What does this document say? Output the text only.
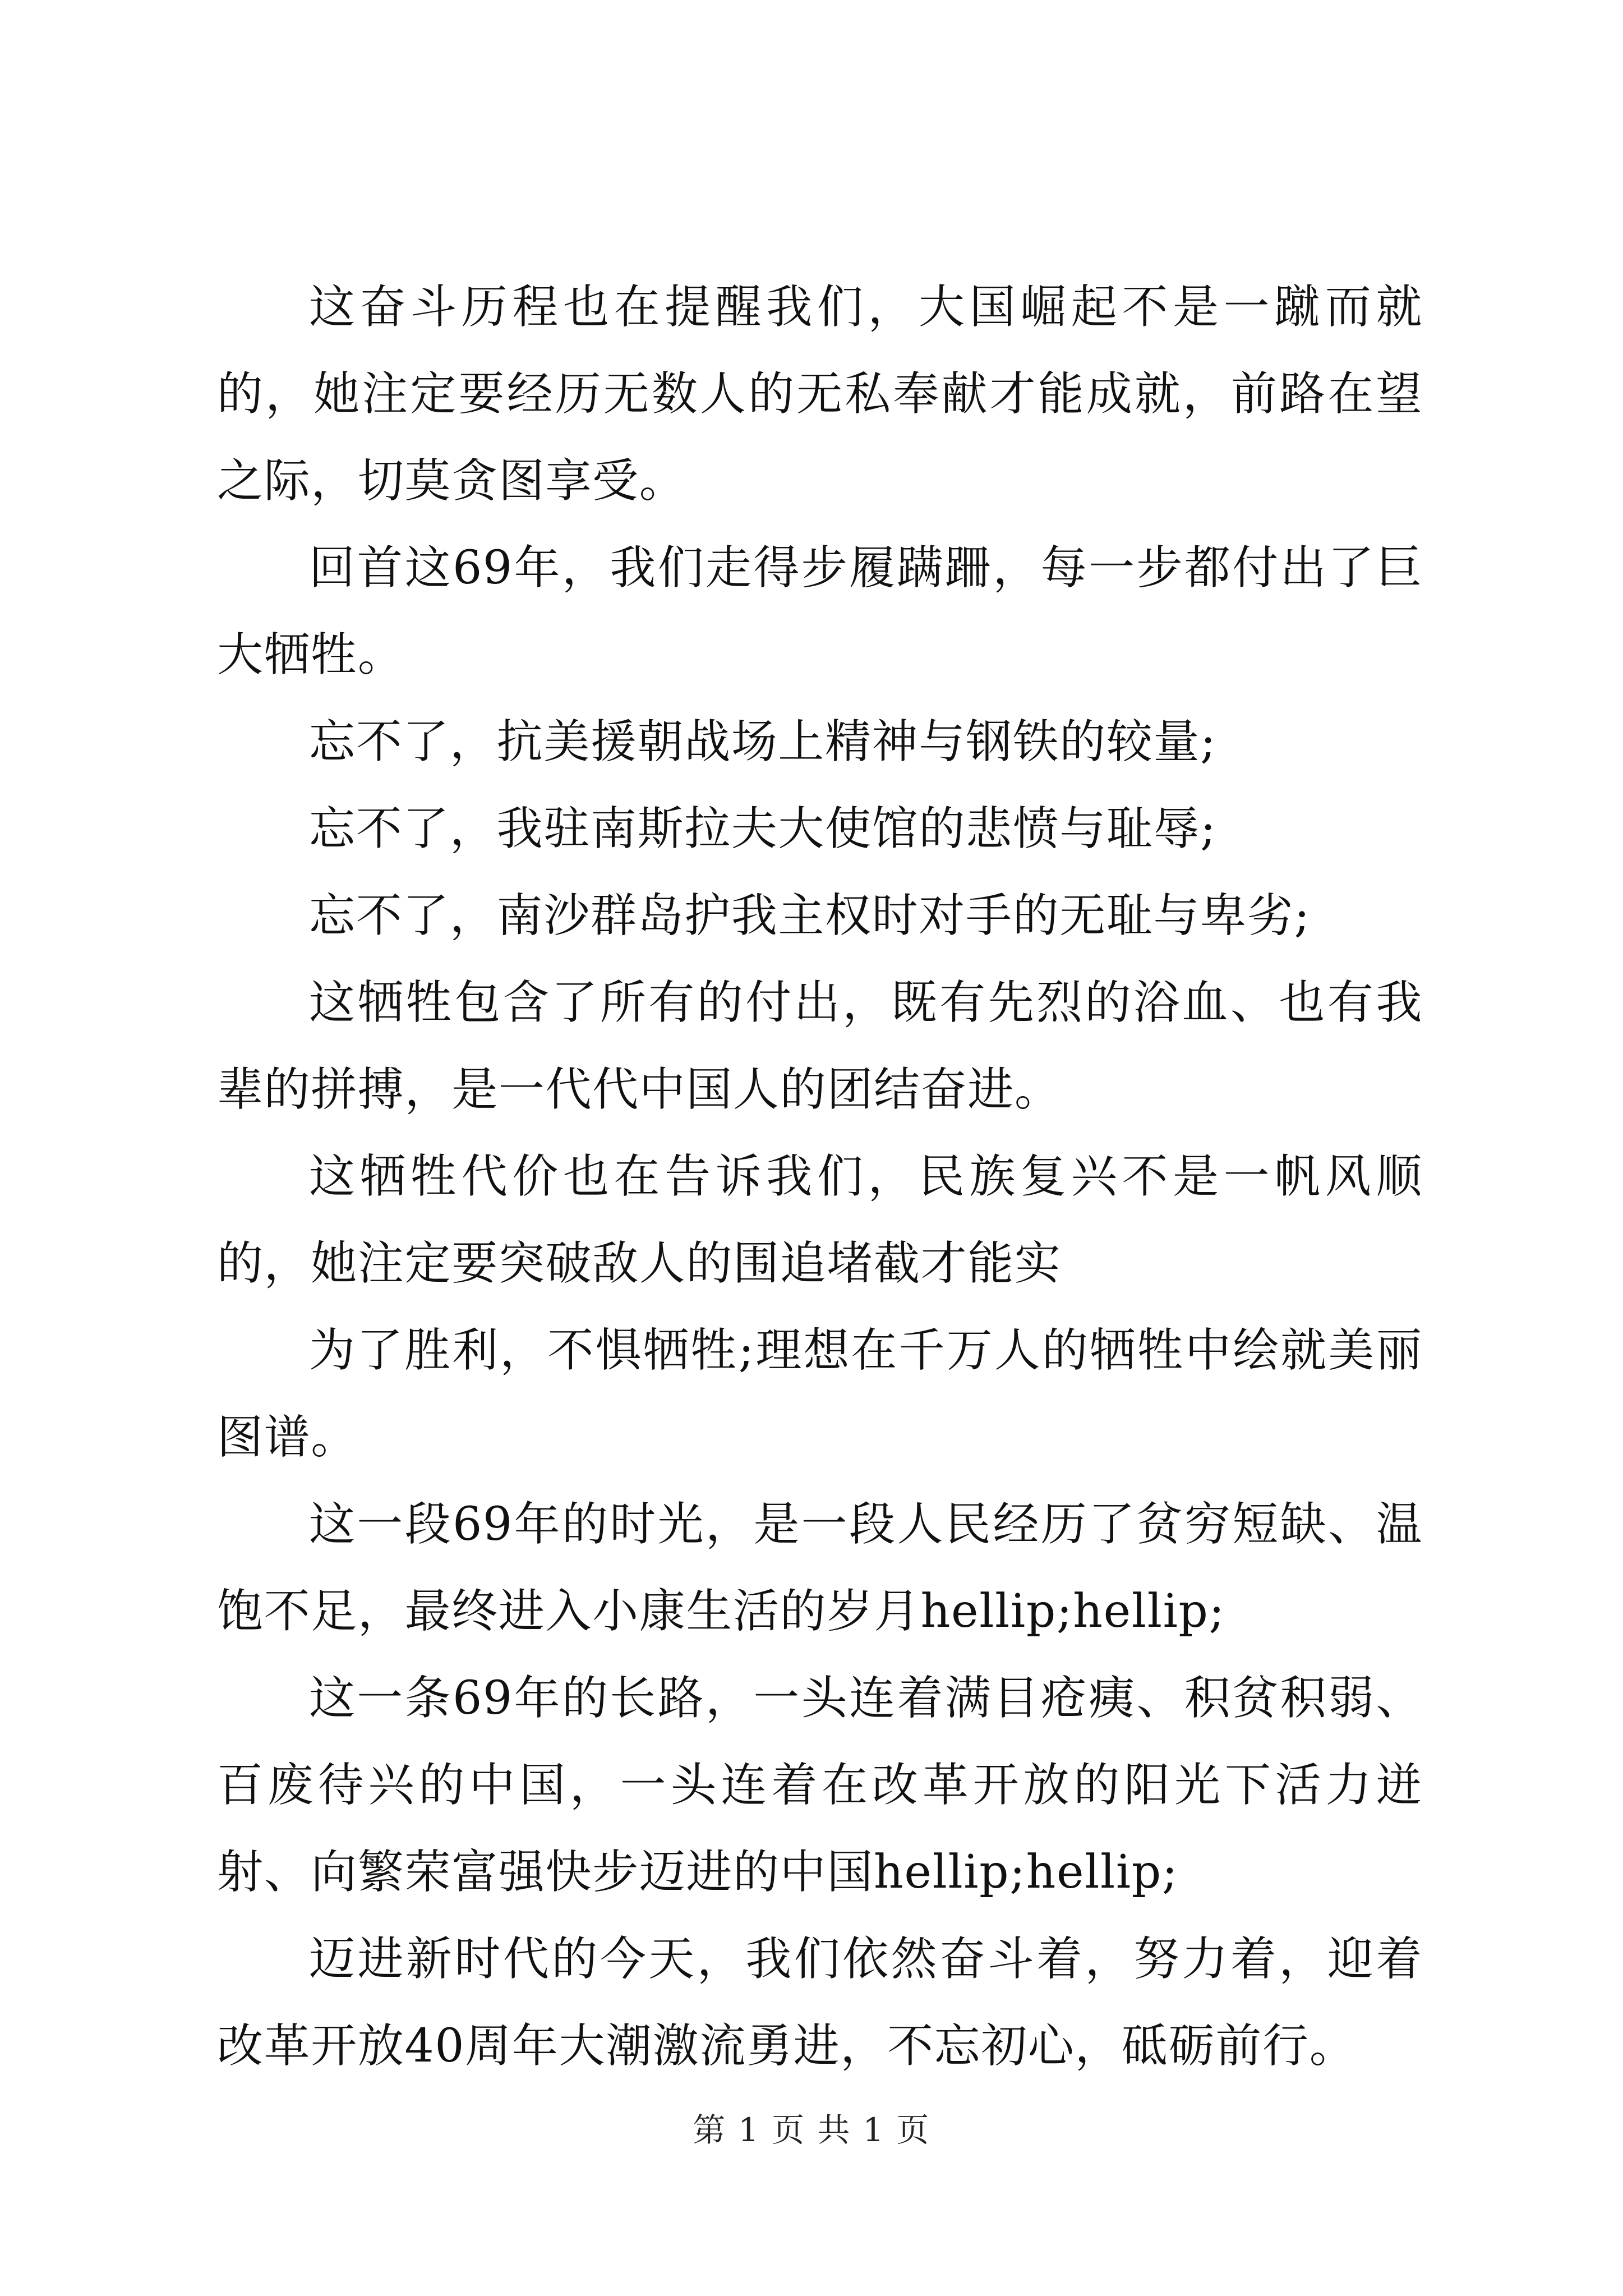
这奋斗历程也在提醒我们，大国崛起不是一蹴而就的，她注定要经历无数人的无私奉献才能成就，前路在望之际，切莫贪图享受。

回首这69年，我们走得步履蹒跚，每一步都付出了巨大牺牲。

忘不了，抗美援朝战场上精神与钢铁的较量;

忘不了，我驻南斯拉夫大使馆的悲愤与耻辱;

忘不了，南沙群岛护我主权时对手的无耻与卑劣;

这牺牲包含了所有的付出，既有先烈的浴血、也有我辈的拼搏，是一代代中国人的团结奋进。

这牺牲代价也在告诉我们，民族复兴不是一帆风顺的，她注定要突破敌人的围追堵截才能实

为了胜利，不惧牺牲;理想在千万人的牺牲中绘就美丽图谱。

这一段69年的时光，是一段人民经历了贫穷短缺、温饱不足，最终进入小康生活的岁月hellip;hellip;

这一条69年的长路，一头连着满目疮痍、积贫积弱、百废待兴的中国，一头连着在改革开放的阳光下活力迸射、向繁荣富强快步迈进的中国hellip;hellip;

迈进新时代的今天，我们依然奋斗着，努力着，迎着改革开放40周年大潮激流勇进，不忘初心，砥砺前行。

第 1 页 共 1 页
